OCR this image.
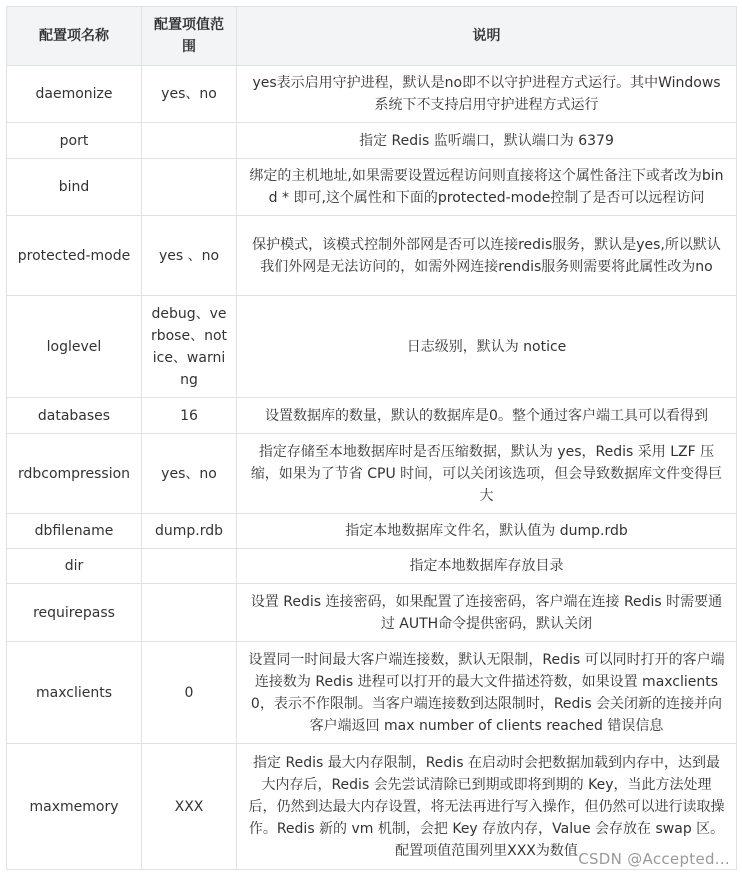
配置项名称	配置项值范围	说明
daemonize	yes、no	yes表示启用守护进程，默认是no即不以守护进程方式运行。其中Windows系统下不支持启用守护进程方式运行
port		指定 Redis 监听端口，默认端口为 6379
bind		绑定的主机地址,如果需要设置远程访问则直接将这个属性备注下或者改为bind * 即可,这个属性和下面的protected-mode控制了是否可以远程访问
protected-mode	yes 、no	保护模式，该模式控制外部网是否可以连接redis服务，默认是yes,所以默认我们外网是无法访问的，如需外网连接rendis服务则需要将此属性改为no
loglevel	debug、verbose、notice、warning	日志级别，默认为 notice
databases	16	设置数据库的数量，默认的数据库是0。整个通过客户端工具可以看得到
rdbcompression	yes、no	指定存储至本地数据库时是否压缩数据，默认为 yes，Redis 采用 LZF 压缩，如果为了节省 CPU 时间，可以关闭该选项，但会导致数据库文件变得巨大
dbfilename	dump.rdb	指定本地数据库文件名，默认值为 dump.rdb
dir		指定本地数据库存放目录
requirepass		设置 Redis 连接密码，如果配置了连接密码，客户端在连接 Redis 时需要通过 AUTH命令提供密码，默认关闭
maxclients	0	设置同一时间最大客户端连接数，默认无限制，Redis 可以同时打开的客户端连接数为 Redis 进程可以打开的最大文件描述符数，如果设置 maxclients 0，表示不作限制。当客户端连接数到达限制时，Redis 会关闭新的连接并向客户端返回 max number of clients reached 错误信息
maxmemory	XXX	指定 Redis 最大内存限制，Redis 在启动时会把数据加载到内存中，达到最大内存后，Redis 会先尝试清除已到期或即将到期的 Key，当此方法处理 后，仍然到达最大内存设置，将无法再进行写入操作，但仍然可以进行读取操作。Redis 新的 vm 机制，会把 Key 存放内存，Value 会存放在 swap 区。配置项值范围列里XXX为数值 CSDN @Accepted...
